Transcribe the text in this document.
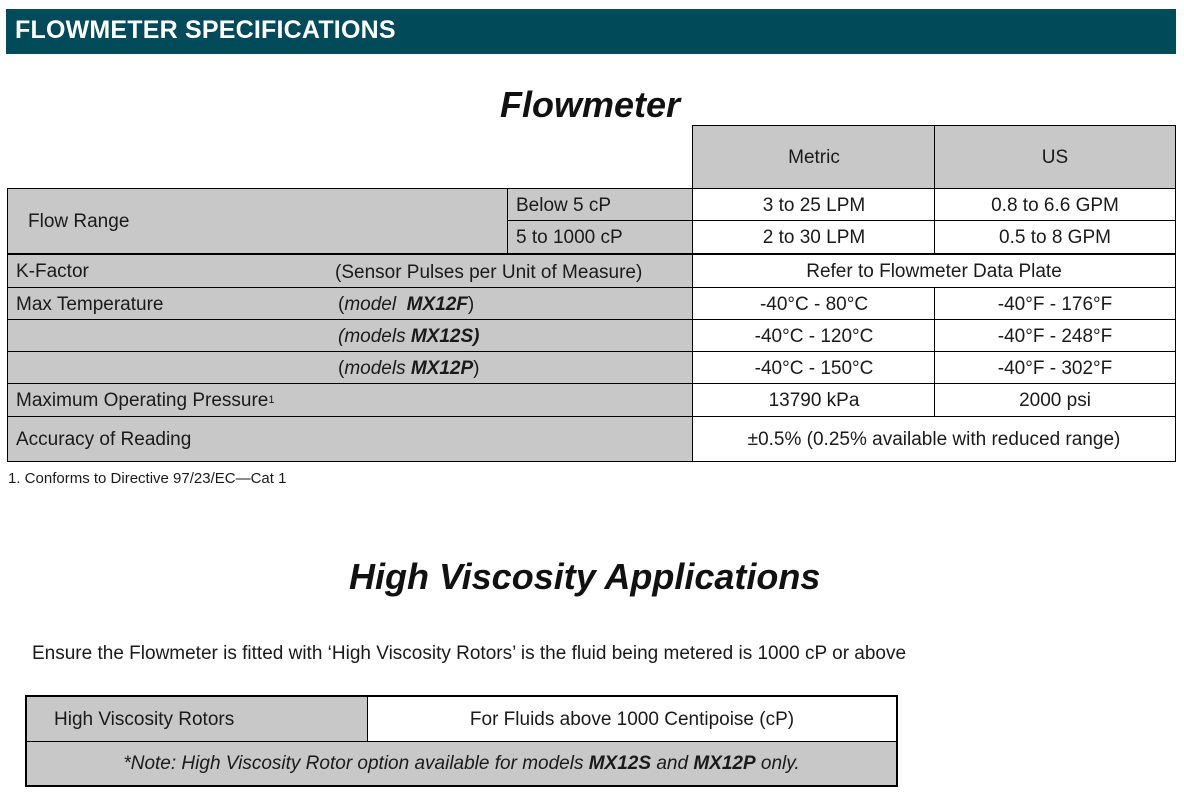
FLOWMETER SPECIFICATIONS
Flowmeter
Metric	US
Flow Range
Below 5 cP	3 to 25 LPM	0.8 to 6.6 GPM
5 to 1000 cP	2 to 30 LPM	0.5 to 8 GPM
K-Factor	(Sensor Pulses per Unit of Measure)	Refer to Flowmeter Data Plate
Max Temperature	(model MX12F)	-40°C - 80°C	-40°F - 176°F
(models MX12S)	-40°C - 120°C	-40°F - 248°F
(models MX12P)	-40°C - 150°C	-40°F - 302°F
Maximum Operating Pressure 1	13790 kPa	2000 psi
Accuracy of Reading	±0.5% (0.25% available with reduced range)
1. Conforms to Directive 97/23/EC—Cat 1
High Viscosity Applications
Ensure the Flowmeter is fitted with ‘High Viscosity Rotors’ is the fluid being metered is 1000 cP or above
High Viscosity Rotors	For Fluids above 1000 Centipoise (cP)
*Note: High Viscosity Rotor option available for models MX12S and MX12P only.
